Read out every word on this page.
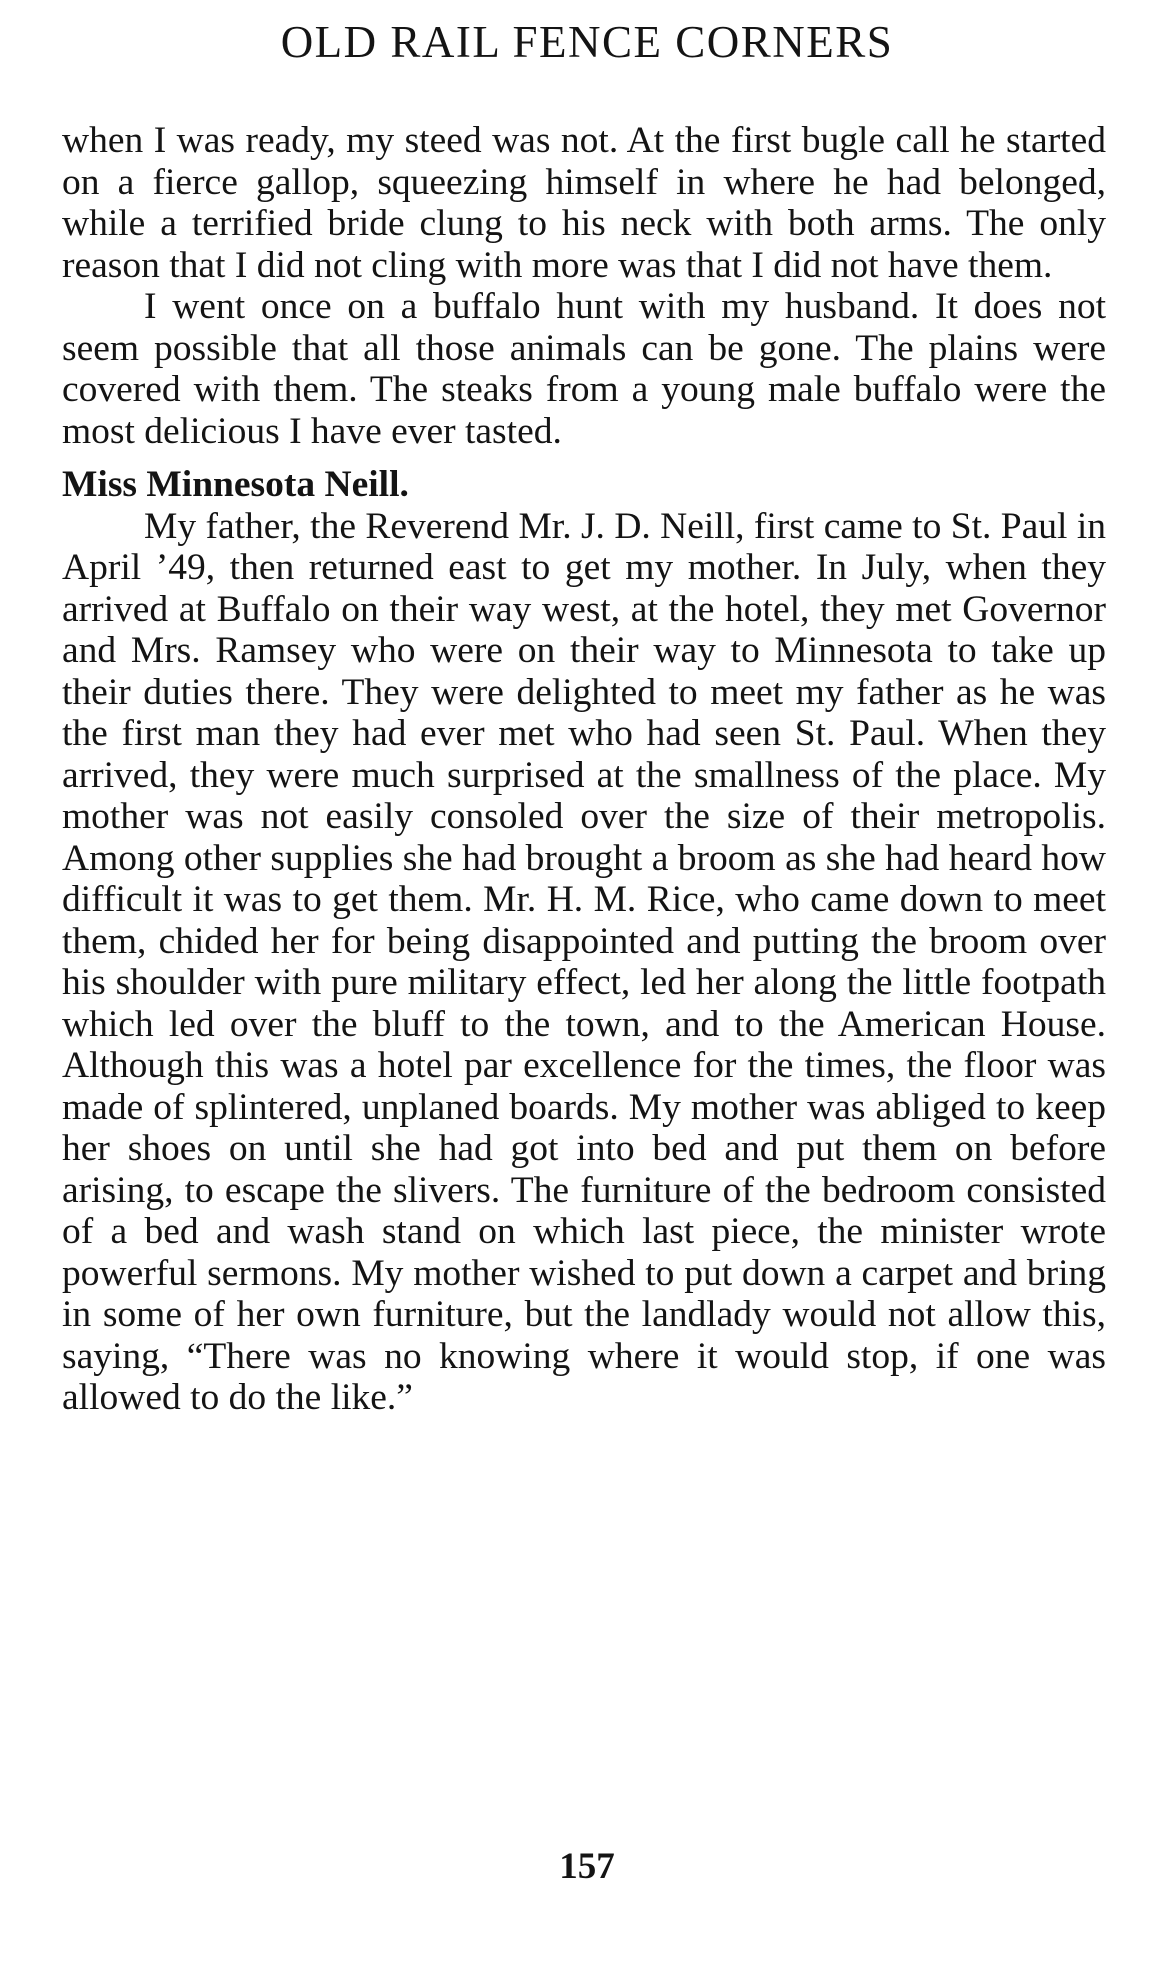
OLD RAIL FENCE CORNERS

when I was ready, my steed was not. At the first bugle call he started on a fierce gallop, squeezing himself in where he had belonged, while a terrified bride clung to his neck with both arms. The only reason that I did not cling with more was that I did not have them.

I went once on a buffalo hunt with my husband. It does not seem possible that all those animals can be gone. The plains were covered with them. The steaks from a young male buffalo were the most delicious I have ever tasted.

Miss Minnesota Neill.

My father, the Reverend Mr. J. D. Neill, first came to St. Paul in April ’49, then returned east to get my mother. In July, when they arrived at Buffalo on their way west, at the hotel, they met Governor and Mrs. Ramsey who were on their way to Minnesota to take up their duties there. They were delighted to meet my father as he was the first man they had ever met who had seen St. Paul. When they arrived, they were much surprised at the smallness of the place. My mother was not easily consoled over the size of their metropolis. Among other supplies she had brought a broom as she had heard how difficult it was to get them. Mr. H. M. Rice, who came down to meet them, chided her for being disappointed and putting the broom over his shoulder with pure military effect, led her along the little footpath which led over the bluff to the town, and to the American House. Although this was a hotel par excellence for the times, the floor was made of splintered, unplaned boards. My mother was abliged to keep her shoes on until she had got into bed and put them on before arising, to escape the slivers. The furniture of the bedroom consisted of a bed and wash stand on which last piece, the minister wrote powerful sermons. My mother wished to put down a carpet and bring in some of her own furniture, but the landlady would not allow this, saying, “There was no knowing where it would stop, if one was allowed to do the like.”

157
